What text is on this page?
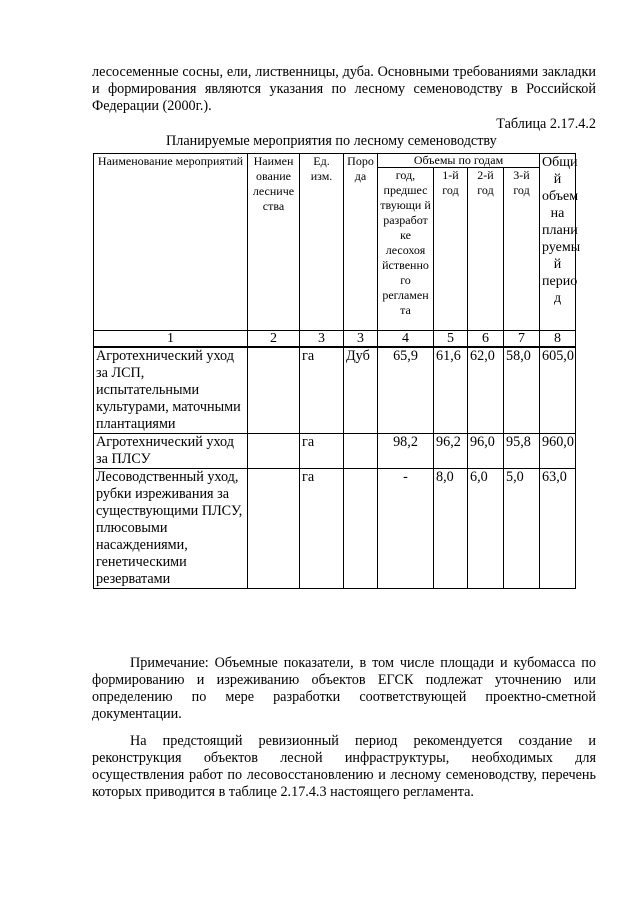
лесосеменные сосны, ели, лиственницы, дуба. Основными требованиями закладки и формирования являются указания по лесному семеноводству в Российской Федерации (2000г.).

Таблица 2.17.4.2

Планируемые мероприятия по лесному семеноводству

Наименование мероприятий	Наимен ование лесниче ства	Ед. изм.	Поро да	Объемы по годам				Общи й объем на плани руемы й перио д
				год, предшес твующи й разработ ке лесохоя йственно го регламен та	1-й год	2-й год	3-й год	
1	2	3	3	4	5	6	7	8
Агротехнический уход за ЛСП, испытательными культурами, маточными плантациями		га	Дуб	65,9	61,6	62,0	58,0	605,0
Агротехнический уход за ПЛСУ		га		98,2	96,2	96,0	95,8	960,0
Лесоводственный уход, рубки изреживания за существующими ПЛСУ, плюсовыми насаждениями, генетическими резерватами		га		-	8,0	6,0	5,0	63,0

Примечание: Объемные показатели, в том числе площади и кубомасса по формированию и изреживанию объектов ЕГСК подлежат уточнению или определению по мере разработки соответствующей проектно-сметной документации.

На предстоящий ревизионный период рекомендуется создание и реконструкция объектов лесной инфраструктуры, необходимых для осуществления работ по лесовосстановлению и лесному семеноводству, перечень которых приводится в таблице 2.17.4.3 настоящего регламента.
